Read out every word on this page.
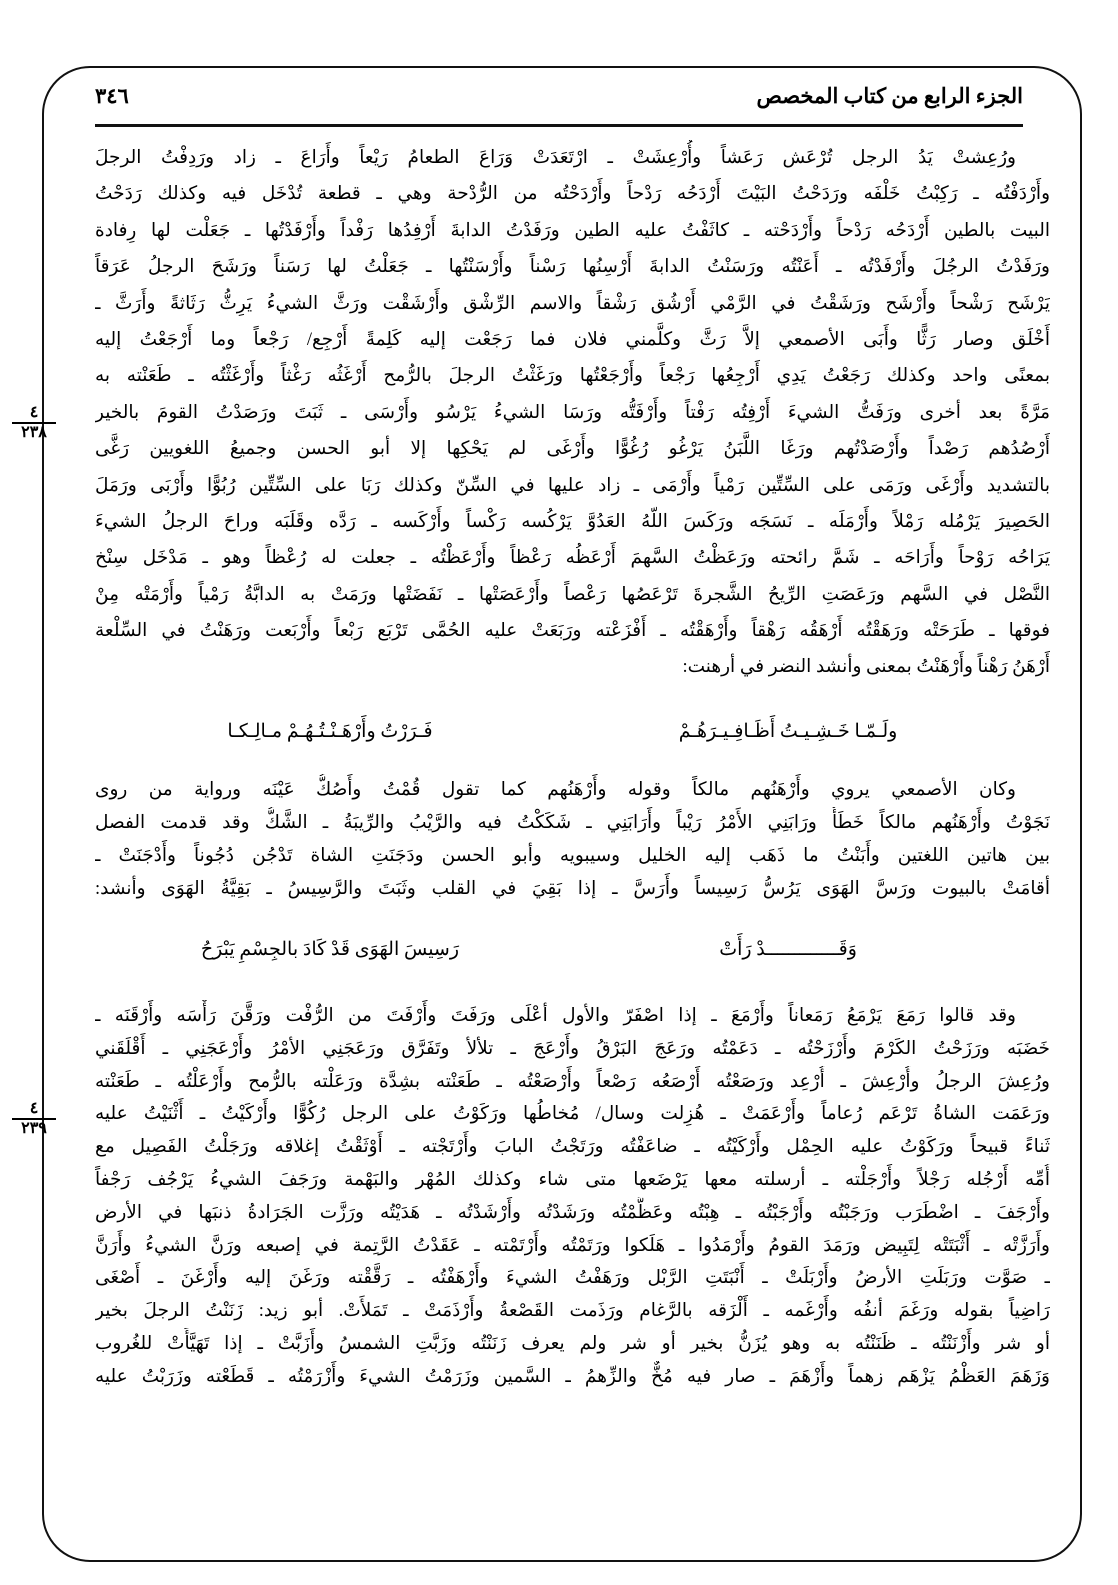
الجزء الرابع من كتاب المخصص
٣٤٦
٤
٢٣٨
٤
٢٣٩
ورُعِشتْ يَدُ الرجل تُرْعَش رَعَشاً وأُرْعِشَتْ ـ ارْتَعَدَتْ وَرَاعَ الطعامُ رَيْعاً وأَرَاعَ ـ زاد ورَدِفْتُ الرجلَ
وأَرْدَفْتُه ـ رَكِبْتُ خَلْفَه ورَدَحْتُ البَيْتَ أَرْدَحُه رَدْحاً وأَرْدَحْتُه من الرُّدْحة وهي ـ قطعة تُدْخَل فيه وكذلك رَدَحْتُ
البيت بالطين أَرْدَحُه رَدْحاً وأَرْدَحْته ـ كاثَفْتُ عليه الطين ورَفَدْتُ الدابةَ أَرْفِدُها رَفْداً وأَرْفَدْتُها ـ جَعَلْت لها رِفادة
ورَفَدْتُ الرجُلَ وأَرْفَدْتُه ـ أَعَنْتُه ورَسَنْتُ الدابةَ أَرْسِنُها رَسْناً وأَرْسَنْتُها ـ جَعَلْتُ لها رَسَناً ورَشَحَ الرجلُ عَرَقاً
يَرْشَح رَشْحاً وأَرْشَح ورَشَقْتُ في الرَّمْي أَرْشُق رَشْقاً والاسم الرِّشْق وأَرْشَقْت ورَثَّ الشيءُ يَرِثُّ رَثَاثةً وأَرَثَّ ـ
أَخْلَق وصار رَثًّا وأَبَى الأصمعي إلاَّ رَثَّ وكلَّمني فلان فما رَجَعْت إليه كَلِمةً أَرْجِع/ رَجْعاً وما أَرْجَعْتُ إليه
بمعنًى واحد وكذلك رَجَعْتُ يَدِي أَرْجِعُها رَجْعاً وأَرْجَعْتُها ورَغَثْتُ الرجلَ بالرُّمح أَرْغَثُه رَغْثاً وأَرْغَثْتُه ـ طَعَنْته به
مَرَّةً بعد أخرى ورَفَتُّ الشيءَ أَرْفِتُه رَفْتاً وأَرْفَتُّه ورَسَا الشيءُ يَرْسُو وأَرْسَى ـ ثَبَتَ ورَصَدْتُ القومَ بالخير
أَرْصُدُهم رَصْداً وأَرْصَدْتُهم ورَغَا اللَّبَنُ يَرْغُو رُغُوًّا وأَرْغَى لم يَحْكِها إلا أبو الحسن وجميعُ اللغويين رَغَّى
بالتشديد وأَرْغَى ورَمَى على السِّتِّين رَمْياً وأَرْمَى ـ زاد عليها في السِّنّ وكذلك رَبَا على السِّتِّين رُبُوًّا وأَرْبَى ورَمَلَ
الحَصِيرَ يَرْمُله رَمْلاً وأَرْمَلَه ـ نَسَجَه ورَكَسَ اللّهُ العَدُوَّ يَرْكُسه رَكْساً وأَرْكَسه ـ رَدَّه وقَلَبَه وراحَ الرجلُ الشيءَ
يَرَاحُه رَوْحاً وأَرَاحَه ـ شَمَّ رائحته ورَعَظْتُ السَّهمَ أَرْعَظُه رَعْظاً وأَرْعَظْتُه ـ جعلت له رُعْظاً وهو ـ مَدْخَل سِنْخ
النَّصْل في السَّهم ورَعَصَتِ الرِّيحُ الشَّجرةَ تَرْعَصُها رَعْصاً وأَرْعَصَتْها ـ نَفَضَتْها ورَمَتْ به الدابَّةُ رَمْياً وأَرْمَتْه مِنْ
فوقها ـ طَرَحَتْه ورَهَقْتُه أَرْهَقُه رَهْقاً وأَرْهَقْتُه ـ أَفْزَعْته ورَبَعَتْ عليه الحُمَّى تَرْبَع رَبْعاً وأَرْبَعت ورَهَنْتُ في السِّلْعة
أَرْهَنُ رَهْناً وأَرْهَنْتُ بمعنى وأنشد النضر في أرهنت:
ولَـمّـا خَـشِـيـتُ أَظَـافِـيـرَهُـمْ
فَـرَرْتُ وأَرْهَـنْـتُـهُـمْ مـالِـكـا
وكان الأصمعي يروي وأَرْهَنُهم مالكاً وقوله وأَرْهَنُهم كما تقول قُمْتُ وأَصُكُّ عَيْنَه ورواية من روى
نَجَوْتُ وأَرْهَنُهم مالكاً خَطَأٌ ورَابَنِي الأَمْرُ رَيْباً وأَرَابَنِي ـ شَكَكْتُ فيه والرَّيْبُ والرِّيبَةُ ـ الشَّكُّ وقد قدمت الفصل
بين هاتين اللغتين وأَبَنْتُ ما ذَهَب إليه الخليل وسيبويه وأبو الحسن ودَجَنَتِ الشاة تَدْجُن دُجُوناً وأَدْجَنَتْ ـ
أقامَتْ بالبيوت ورَسَّ الهَوَى يَرُسُّ رَسِيساً وأَرَسَّ ـ إذا بَقِيَ في القلب وثَبَتَ والرَّسِيسُ ـ بَقِيَّةُ الهَوَى وأنشد:
وَقَـــــــــــــدْ رَأَتْ
رَسِيسَ الهَوَى قَدْ كَادَ بالجِسْمِ يَبْرَحُ
وقد قالوا رَمَعَ يَرْمَعُ رَمَعاناً وأَرْمَعَ ـ إذا اصْفَرّ والأول أعْلَى ورَفَتَ وأَرْفَتَ من الرُّفْت ورَقَّنَ رَأْسَه وأَرْقَنَه ـ
خَضَبَه ورَزَحْتُ الكَرْمَ وأَرْزَحْتُه ـ دَعَمْتُه ورَعَجَ البَرْقُ وأَرْعَجَ ـ تلألأ وتَفَرَّق ورَعَجَنِي الأمْرُ وأَرْعَجَنِي ـ أَقْلَقَني
ورُعِشَ الرجلُ وأُرْعِشَ ـ أُرْعِد ورَصَعْتُه أَرْصَعُه رَصْعاً وأَرْصَعْتُه ـ طَعَنْته بشِدَّة ورَعَلْته بالرُّمح وأَرْعَلْتُه ـ طَعَنْته
ورَعَمَت الشاةُ تَرْعَم رُعاماً وأَرْعَمَتْ ـ هُزِلت وسال/ مُخاطُها ورَكَوْتُ على الرجل رُكُوًّا وأَرْكَيْتُ ـ أَثْنَيْتُ عليه
ثَناءً قبيحاً ورَكَوْتُ عليه الحِمْل وأَرْكَيْتُه ـ ضاعَفْتُه ورَتَجْتُ البابَ وأَرْتَجْته ـ أَوْثَقْتُ إغلاقه ورَجَلْتُ الفَصِيل مع
أُمِّه أَرْجُله رَجْلاً وأَرْجَلْته ـ أرسلته معها يَرْضَعها متى شاء وكذلك المُهْر والبَهْمة ورَجَفَ الشيءُ يَرْجُف رَجْفاً
وأَرْجَفَ ـ اضْطَرَب ورَجَبْتُه وأَرْجَبْتُه ـ هِبْتُه وعَظَّمْتُه ورَشَدْتُه وأَرْشَدْتُه ـ هَدَيْتُه ورَزَّت الجَرَادةُ ذنبَها في الأرض
وأَرَزَّتْه ـ أَثْبَتَتْه لِتَبِيض ورَمَدَ القومُ وأَرْمَدُوا ـ هَلَكوا ورَتَمْتُه وأَرْتَمْته ـ عَقَدْتُ الرَّتِمة في إصبعه ورَنَّ الشيءُ وأَرَنَّ
ـ صَوَّت ورَبَلَتِ الأرضُ وأَرْبَلَتْ ـ أَنْبَتَتِ الرَّبْل ورَهَفْتُ الشيءَ وأَرْهَفْتُه ـ رَقَّقْته ورَغَنَ إليه وأَرْغَنَ ـ أَصْغَى
رَاضِياً بقوله ورَغَمَ أنفُه وأَرْغَمه ـ أَلْزَقه بالرَّغام ورَذَمت القَصْعةُ وأَرْذَمَتْ ـ تَمَلأَتْ. أبو زيد: زَنَنْتُ الرجلَ بخير
أو شر وأَزْنَنْتُه ـ ظَنَنْتُه به وهو يُزَنُّ بخير أو شر ولم يعرف زَنَنْتُه وزَبَّتِ الشمسُ وأَزَبَّتْ ـ إذا تَهَيَّأَتْ للغُروب
وَزَهَمَ العَظْمُ يَزْهَم زهماً وأَزْهَمَ ـ صار فيه مُخٌّ والزِّهمُ ـ السَّمين وزَرَمْتُ الشيءَ وأَزْرَمْتُه ـ قَطَعْته وزَرَبْتُ عليه
